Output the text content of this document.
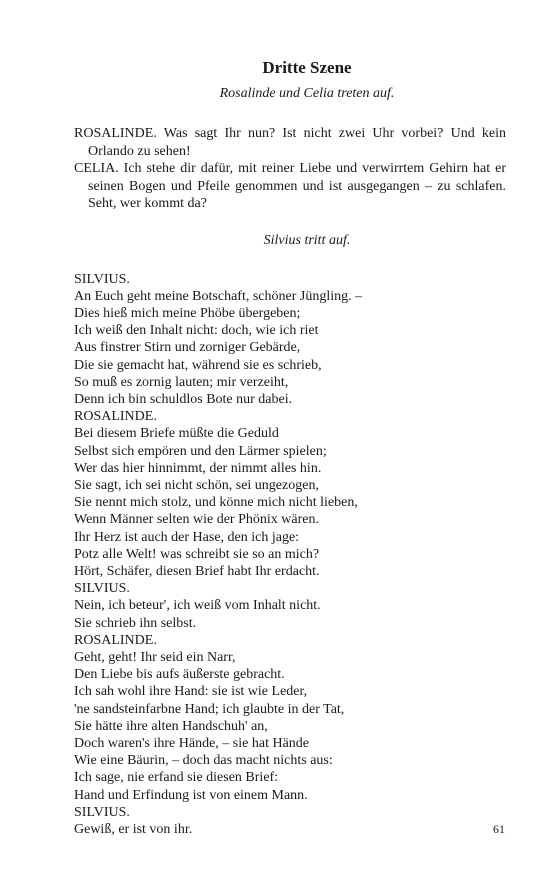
Dritte Szene

Rosalinde und Celia treten auf.

ROSALINDE. Was sagt Ihr nun? Ist nicht zwei Uhr vorbei? Und kein Orlando zu sehen!

CELIA. Ich stehe dir dafür, mit reiner Liebe und verwirrtem Gehirn hat er seinen Bogen und Pfeile genommen und ist ausgegangen – zu schlafen. Seht, wer kommt da?

Silvius tritt auf.

SILVIUS.

An Euch geht meine Botschaft, schöner Jüngling. –

Dies hieß mich meine Phöbe übergeben;

Ich weiß den Inhalt nicht: doch, wie ich riet

Aus finstrer Stirn und zorniger Gebärde,

Die sie gemacht hat, während sie es schrieb,

So muß es zornig lauten; mir verzeiht,

Denn ich bin schuldlos Bote nur dabei.

ROSALINDE.

Bei diesem Briefe müßte die Geduld

Selbst sich empören und den Lärmer spielen;

Wer das hier hinnimmt, der nimmt alles hin.

Sie sagt, ich sei nicht schön, sei ungezogen,

Sie nennt mich stolz, und könne mich nicht lieben,

Wenn Männer selten wie der Phönix wären.

Ihr Herz ist auch der Hase, den ich jage:

Potz alle Welt! was schreibt sie so an mich?

Hört, Schäfer, diesen Brief habt Ihr erdacht.

SILVIUS.

Nein, ich beteur', ich weiß vom Inhalt nicht.

Sie schrieb ihn selbst.

ROSALINDE.

Geht, geht! Ihr seid ein Narr,

Den Liebe bis aufs äußerste gebracht.

Ich sah wohl ihre Hand: sie ist wie Leder,

'ne sandsteinfarbne Hand; ich glaubte in der Tat,

Sie hätte ihre alten Handschuh' an,

Doch waren's ihre Hände, – sie hat Hände

Wie eine Bäurin, – doch das macht nichts aus:

Ich sage, nie erfand sie diesen Brief:

Hand und Erfindung ist von einem Mann.

SILVIUS.

Gewiß, er ist von ihr.	61
